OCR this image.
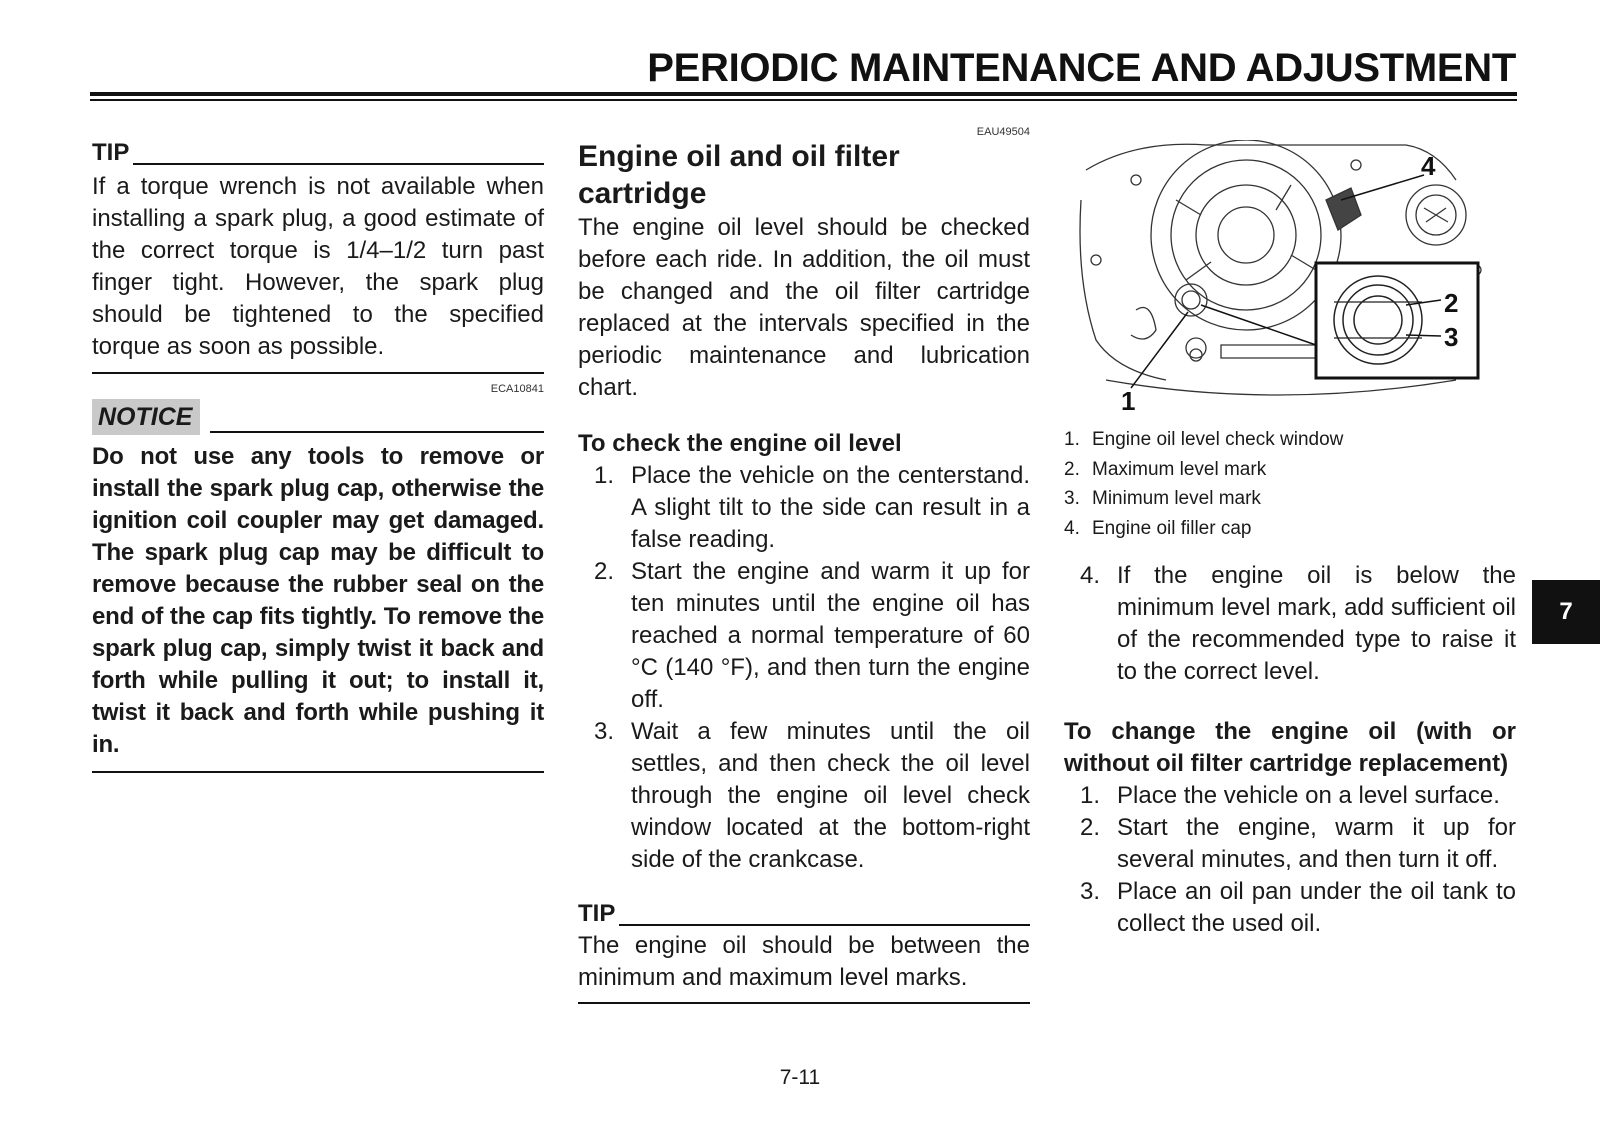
PERIODIC MAINTENANCE AND ADJUSTMENT
TIP
If a torque wrench is not available when installing a spark plug, a good estimate of the correct torque is 1/4–1/2 turn past finger tight. However, the spark plug should be tightened to the specified torque as soon as possible.
ECA10841
NOTICE
Do not use any tools to remove or install the spark plug cap, otherwise the ignition coil coupler may get damaged. The spark plug cap may be difficult to remove because the rubber seal on the end of the cap fits tightly. To remove the spark plug cap, simply twist it back and forth while pulling it out; to install it, twist it back and forth while pushing it in.
EAU49504
Engine oil and oil filter cartridge
The engine oil level should be checked before each ride. In addition, the oil must be changed and the oil filter cartridge replaced at the intervals specified in the periodic maintenance and lubrication chart.
To check the engine oil level
1. Place the vehicle on the centerstand. A slight tilt to the side can result in a false reading.
2. Start the engine and warm it up for ten minutes until the engine oil has reached a normal temperature of 60 °C (140 °F), and then turn the engine off.
3. Wait a few minutes until the oil settles, and then check the oil level through the engine oil level check window located at the bottom-right side of the crankcase.
TIP
The engine oil should be between the minimum and maximum level marks.
1
2
3
4
1. Engine oil level check window
2. Maximum level mark
3. Minimum level mark
4. Engine oil filler cap
4. If the engine oil is below the minimum level mark, add sufficient oil of the recommended type to raise it to the correct level.
To change the engine oil (with or without oil filter cartridge replacement)
1. Place the vehicle on a level surface.
2. Start the engine, warm it up for several minutes, and then turn it off.
3. Place an oil pan under the oil tank to collect the used oil.
7
7-11
